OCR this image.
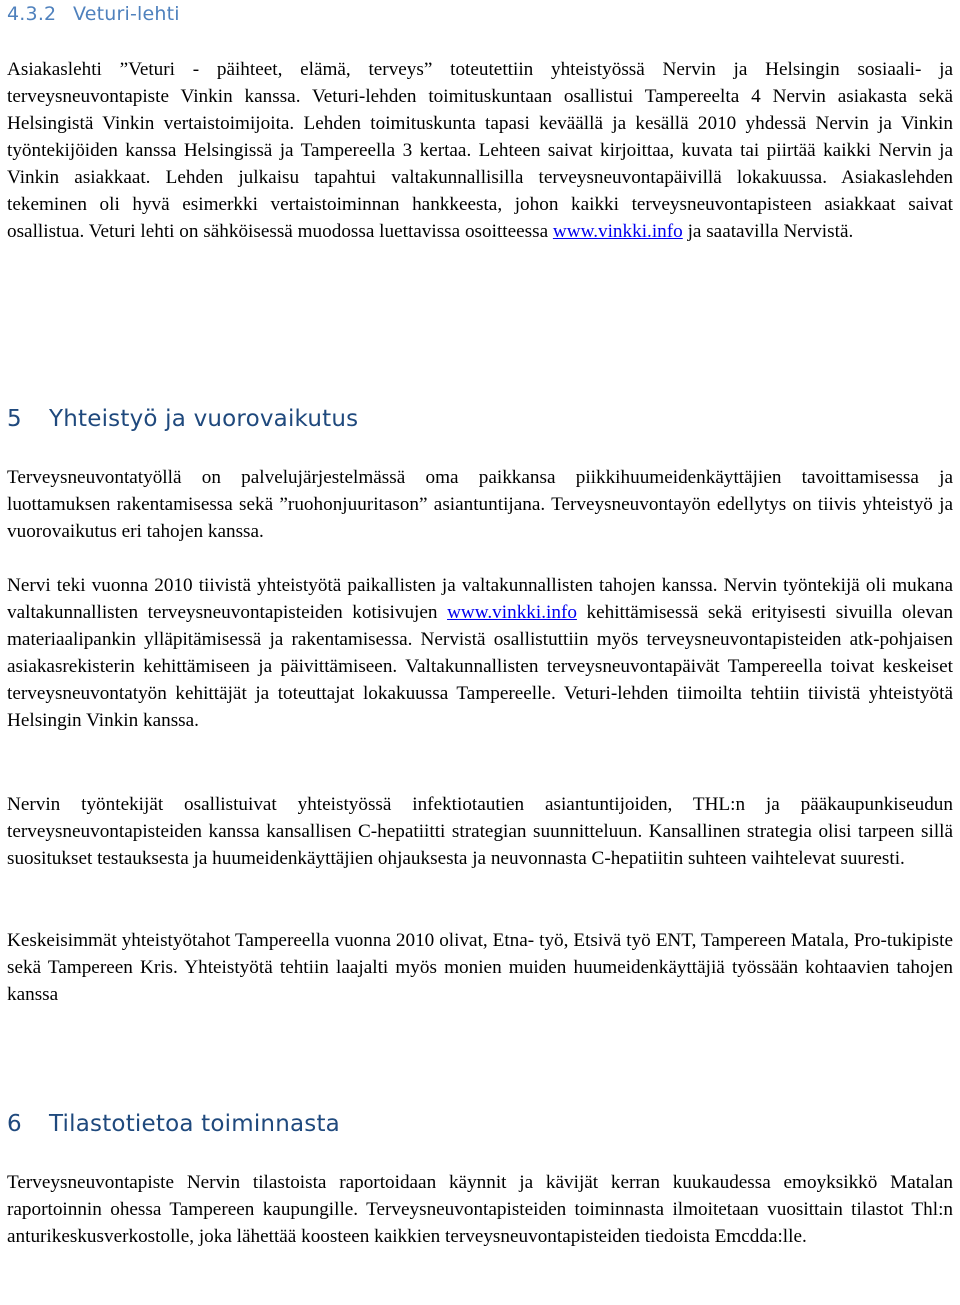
4.3.2 Veturi-lehti

Asiakaslehti ”Veturi - päihteet, elämä, terveys” toteutettiin yhteistyössä Nervin ja Helsingin sosiaali- ja terveysneuvontapiste Vinkin kanssa. Veturi-lehden toimituskuntaan osallistui Tampereelta 4 Nervin asiakasta sekä Helsingistä Vinkin vertaistoimijoita. Lehden toimituskunta tapasi keväällä ja kesällä 2010 yhdessä Nervin ja Vinkin työntekijöiden kanssa Helsingissä ja Tampereella 3 kertaa. Lehteen saivat kirjoittaa, kuvata tai piirtää kaikki Nervin ja Vinkin asiakkaat. Lehden julkaisu tapahtui valtakunnallisilla terveysneuvontapäivillä lokakuussa. Asiakaslehden tekeminen oli hyvä esimerkki vertaistoiminnan hankkeesta, johon kaikki terveysneuvontapisteen asiakkaat saivat osallistua. Veturi lehti on sähköisessä muodossa luettavissa osoitteessa www.vinkki.info ja saatavilla Nervistä.

5 Yhteistyö ja vuorovaikutus

Terveysneuvontatyöllä on palvelujärjestelmässä oma paikkansa piikkihuumeidenkäyttäjien tavoittamisessa ja luottamuksen rakentamisessa sekä ”ruohonjuuritason” asiantuntijana. Terveysneuvontayön edellytys on tiivis yhteistyö ja vuorovaikutus eri tahojen kanssa.

Nervi teki vuonna 2010 tiivistä yhteistyötä paikallisten ja valtakunnallisten tahojen kanssa. Nervin työntekijä oli mukana valtakunnallisten terveysneuvontapisteiden kotisivujen www.vinkki.info kehittämisessä sekä erityisesti sivuilla olevan materiaalipankin ylläpitämisessä ja rakentamisessa. Nervistä osallistuttiin myös terveysneuvontapisteiden atk-pohjaisen asiakasrekisterin kehittämiseen ja päivittämiseen. Valtakunnallisten terveysneuvontapäivät Tampereella toivat keskeiset terveysneuvontatyön kehittäjät ja toteuttajat lokakuussa Tampereelle. Veturi-lehden tiimoilta tehtiin tiivistä yhteistyötä Helsingin Vinkin kanssa.

Nervin työntekijät osallistuivat yhteistyössä infektiotautien asiantuntijoiden, THL:n ja pääkaupunkiseudun terveysneuvontapisteiden kanssa kansallisen C-hepatiitti strategian suunnitteluun. Kansallinen strategia olisi tarpeen sillä suositukset testauksesta ja huumeidenkäyttäjien ohjauksesta ja neuvonnasta C-hepatiitin suhteen vaihtelevat suuresti.

Keskeisimmät yhteistyötahot Tampereella vuonna 2010 olivat, Etna- työ, Etsivä työ ENT, Tampereen Matala, Pro-tukipiste sekä Tampereen Kris. Yhteistyötä tehtiin laajalti myös monien muiden huumeidenkäyttäjiä työssään kohtaavien tahojen kanssa

6 Tilastotietoa toiminnasta

Terveysneuvontapiste Nervin tilastoista raportoidaan käynnit ja kävijät kerran kuukaudessa emoyksikkö Matalan raportoinnin ohessa Tampereen kaupungille. Terveysneuvontapisteiden toiminnasta ilmoitetaan vuosittain tilastot Thl:n anturikeskusverkostolle, joka lähettää koosteen kaikkien terveysneuvontapisteiden tiedoista Emcdda:lle.
